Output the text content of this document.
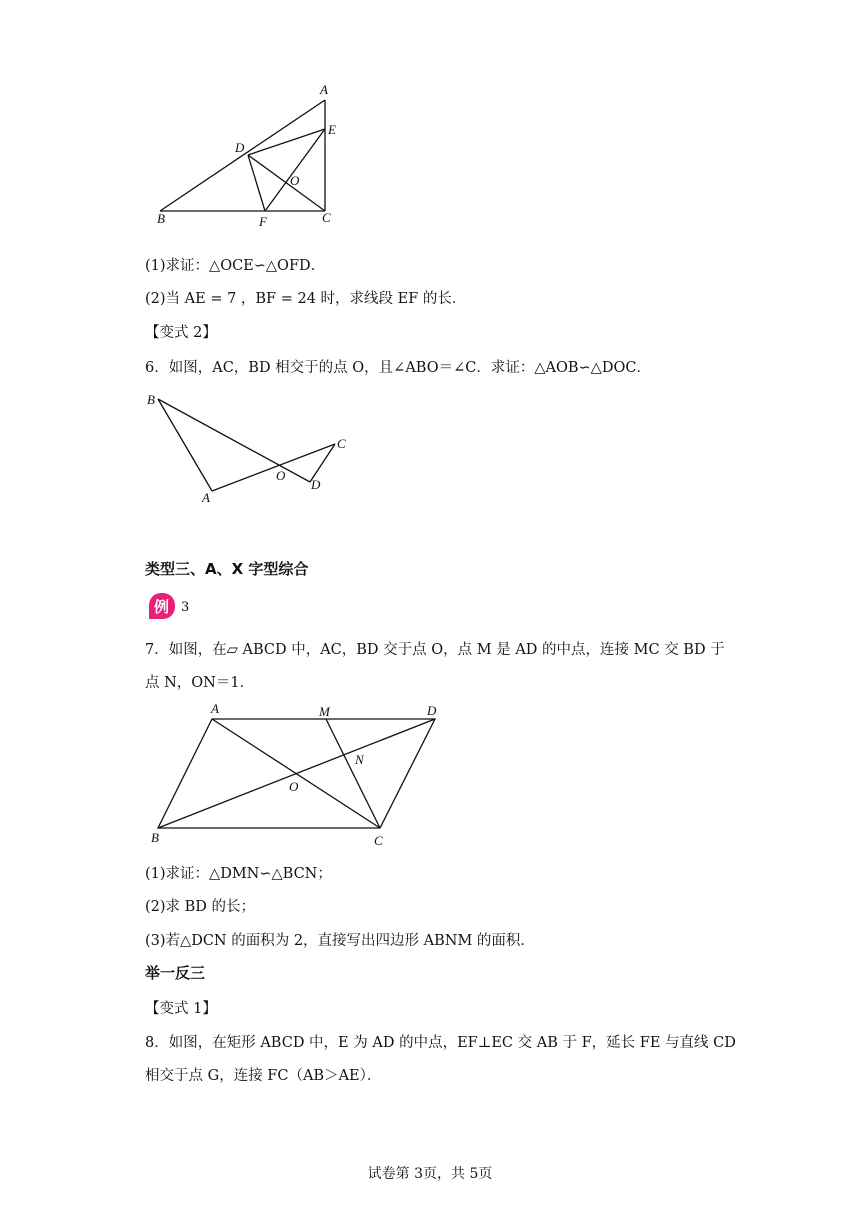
A
E
D
O
B	F	C
(1)求证：△OCE∽△OFD．
(2)当 AE = 7 ，BF = 24 时，求线段 EF 的长．
【变式 2】
6．如图，AC，BD 相交于的点 O，且∠ABO＝∠C．求证：△AOB∽△DOC．
B
C
O
D
A
类型三、A、X 字型综合
例 3
7．如图，在▱ ABCD 中，AC，BD 交于点 O，点 M 是 AD 的中点，连接 MC 交 BD 于
点 N，ON＝1．
A	M	D
N
O
B	C
(1)求证：△DMN∽△BCN；
(2)求 BD 的长；
(3)若△DCN 的面积为 2，直接写出四边形 ABNM 的面积．
举一反三
【变式 1】
8．如图，在矩形 ABCD 中，E 为 AD 的中点，EF⊥EC 交 AB 于 F，延长 FE 与直线 CD
相交于点 G，连接 FC（AB＞AE）．
试卷第 3页，共 5页
